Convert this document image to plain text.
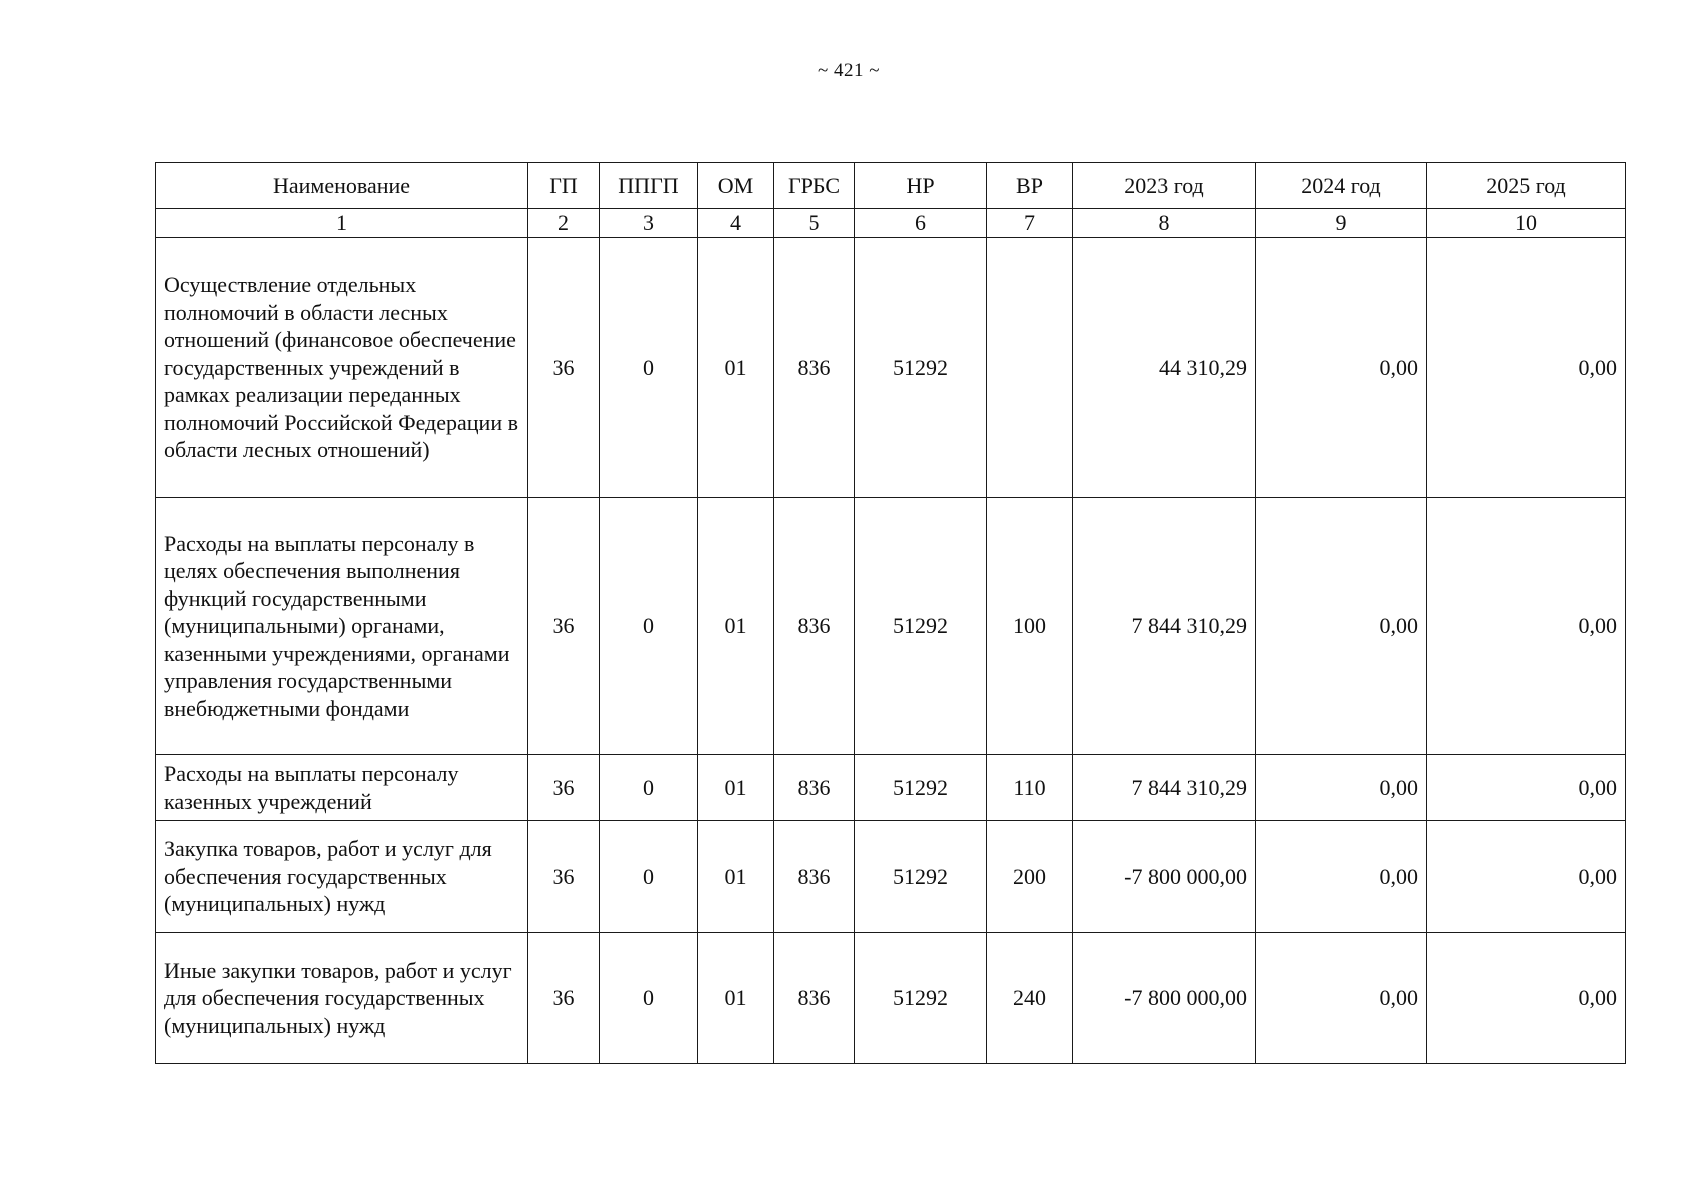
~ 421 ~
Наименование	ГП	ППГП	ОМ	ГРБС	НР	ВР	2023 год	2024 год	2025 год
1	2	3	4	5	6	7	8	9	10
Осуществление отдельных полномочий в области лесных отношений (финансовое обеспечение государственных учреждений в рамках реализации переданных полномочий Российской Федерации в области лесных отношений)	36	0	01	836	51292		44 310,29	0,00	0,00
Расходы на выплаты персоналу в целях обеспечения выполнения функций государственными (муниципальными) органами, казенными учреждениями, органами управления государственными внебюджетными фондами	36	0	01	836	51292	100	7 844 310,29	0,00	0,00
Расходы на выплаты персоналу казенных учреждений	36	0	01	836	51292	110	7 844 310,29	0,00	0,00
Закупка товаров, работ и услуг для обеспечения государственных (муниципальных) нужд	36	0	01	836	51292	200	-7 800 000,00	0,00	0,00
Иные закупки товаров, работ и услуг для обеспечения государственных (муниципальных) нужд	36	0	01	836	51292	240	-7 800 000,00	0,00	0,00
